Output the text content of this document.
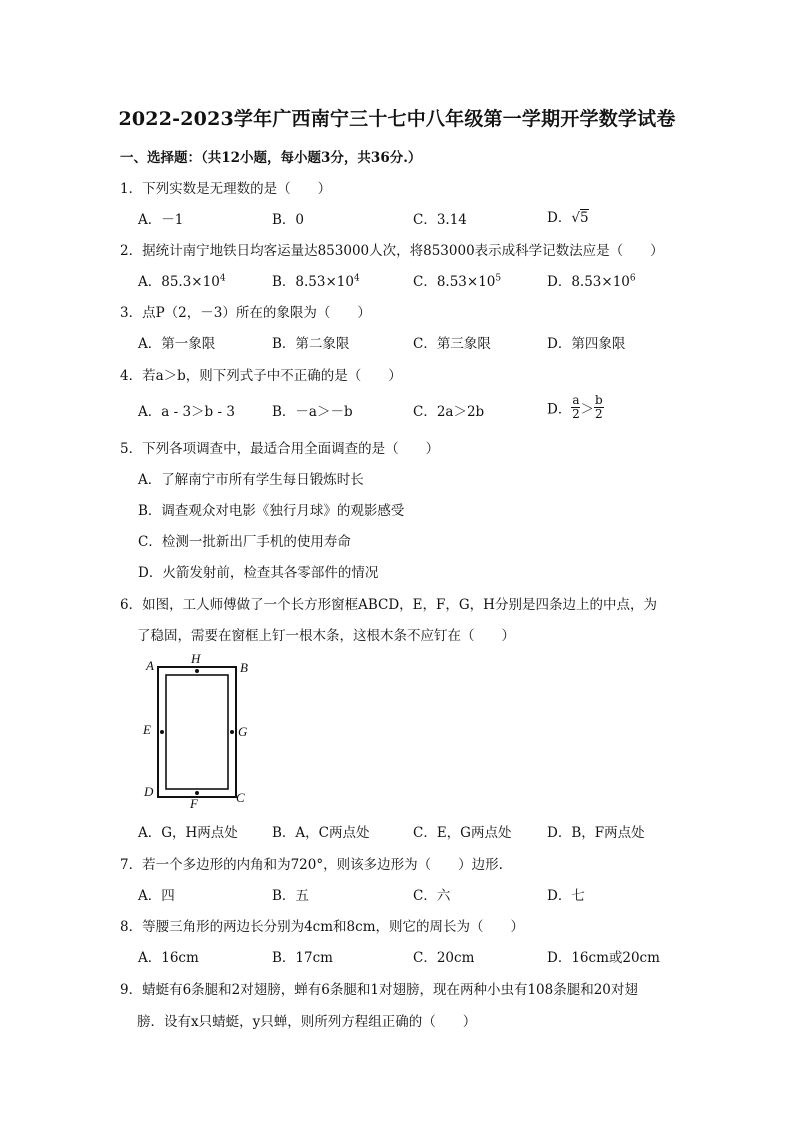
2022-2023学年广西南宁三十七中八年级第一学期开学数学试卷
一、选择题：（共12小题，每小题3分，共36分.）
1．下列实数是无理数的是（　　）
A．－1	B．0	C．3.14	D．√5
2．据统计南宁地铁日均客运量达853000人次，将853000表示成科学记数法应是（　　）
A．$85.3\times 10^4$	B．$8.53\times 10^4$	C．$8.53\times 10^5$	D．$8.53\times 10^6$
3．点P（2，－3）所在的象限为（　　）
A．第一象限	B．第二象限	C．第三象限	D．第四象限
4．若a＞b，则下列式子中不正确的是（　　）
A．a - 3＞b - 3	B．－a＞－b	C．2a＞2b	D． $\frac{a}{2} > \frac{b}{2}$
5．下列各项调查中，最适合用全面调查的是（　　）
A．了解南宁市所有学生每日锻炼时长
B．调查观众对电影《独行月球》的观影感受
C．检测一批新出厂手机的使用寿命
D．火箭发射前，检查其各零部件的情况
6．如图，工人师傅做了一个长方形窗框ABCD，E，F，G，H分别是四条边上的中点，为
了稳固，需要在窗框上钉一根木条，这根木条不应钉在（　　）
A	H
B
E	G
D
F	C
A．G，H两点处	B．A，C两点处	C．E，G两点处	D．B，F两点处
7．若一个多边形的内角和为720°，则该多边形为（　　）边形.
A．四	B．五	C．六	D．七
8．等腰三角形的两边长分别为4cm和8cm，则它的周长为（　　）
A．16cm	B．17cm	C．20cm	D．16cm或20cm
9．蜻蜓有6条腿和2对翅膀，蝉有6条腿和1对翅膀，现在两种小虫有108条腿和20对翅
膀．设有x只蜻蜓，y只蝉，则所列方程组正确的（　　）
